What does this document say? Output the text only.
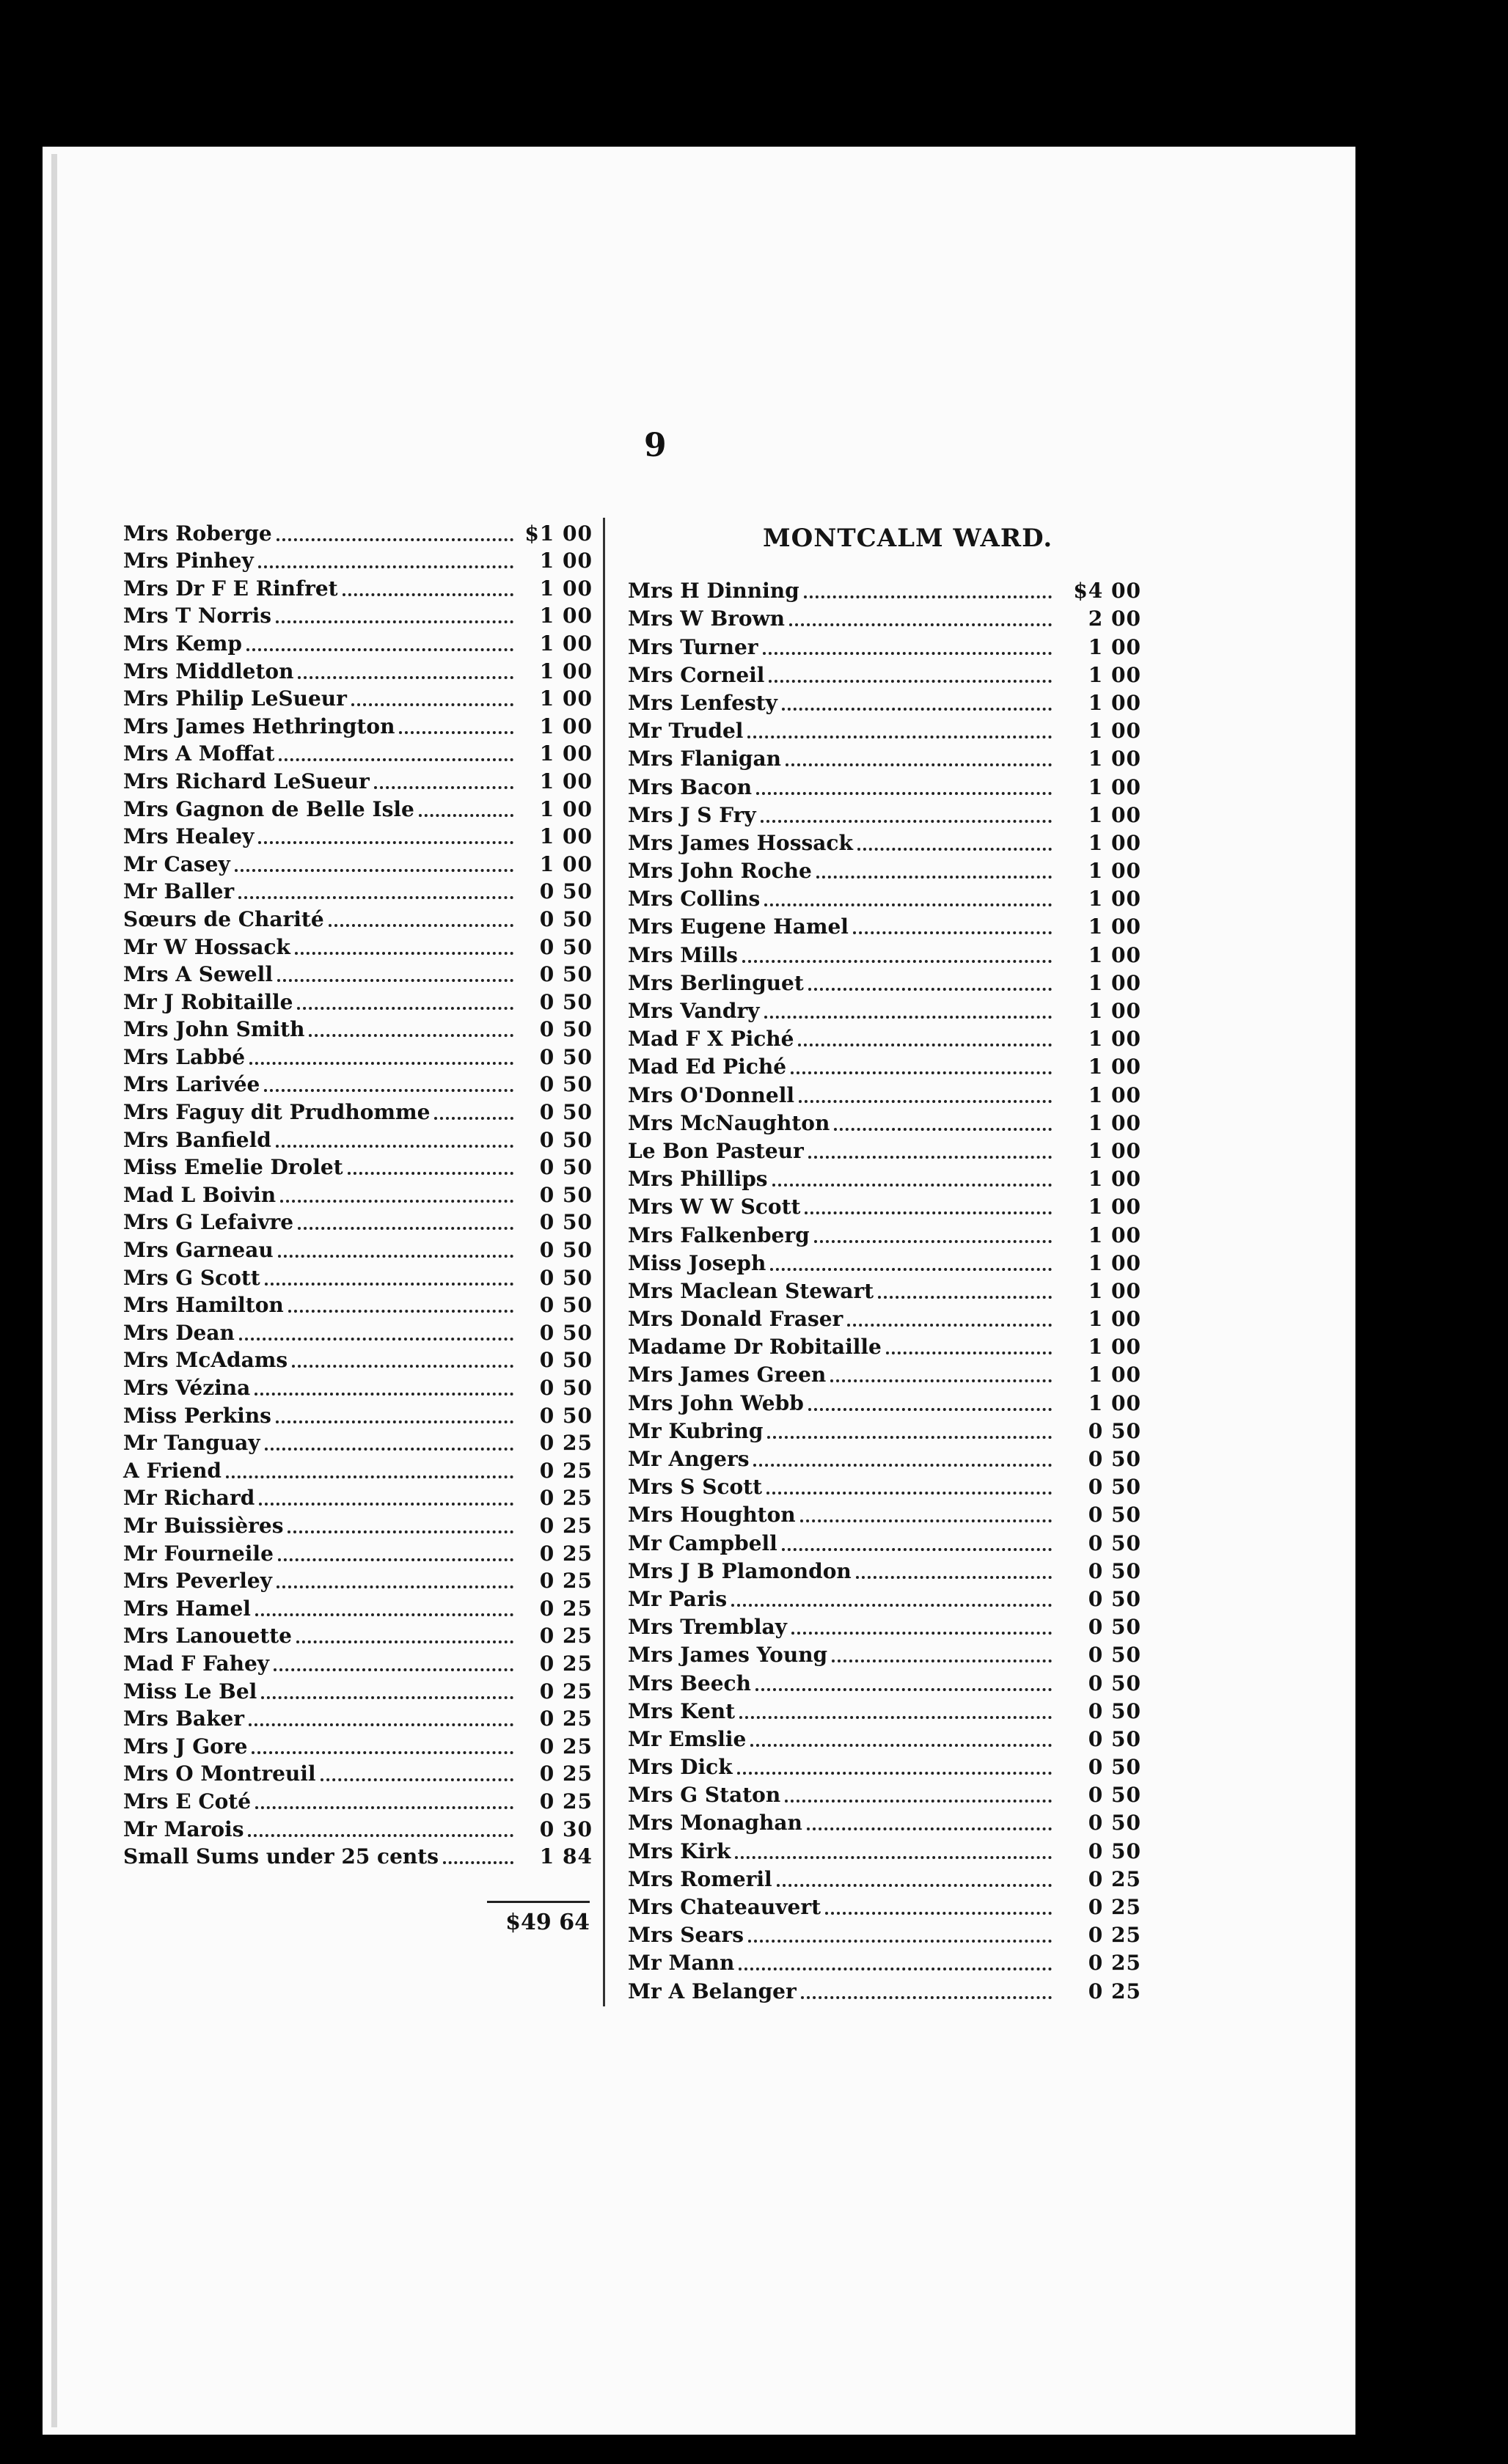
9
Mrs Roberge	$1 00
Mrs Pinhey	1 00
Mrs Dr F E Rinfret	1 00
Mrs T Norris	1 00
Mrs Kemp	1 00
Mrs Middleton	1 00
Mrs Philip LeSueur	1 00
Mrs James Hethrington	1 00
Mrs A Moffat	1 00
Mrs Richard LeSueur	1 00
Mrs Gagnon de Belle Isle	1 00
Mrs Healey	1 00
Mr Casey	1 00
Mr Baller	0 50
Sœurs de Charité	0 50
Mr W Hossack	0 50
Mrs A Sewell	0 50
Mr J Robitaille	0 50
Mrs John Smith	0 50
Mrs Labbé	0 50
Mrs Larivée	0 50
Mrs Faguy dit Prudhomme	0 50
Mrs Banfield	0 50
Miss Emelie Drolet	0 50
Mad L Boivin	0 50
Mrs G Lefaivre	0 50
Mrs Garneau	0 50
Mrs G Scott	0 50
Mrs Hamilton	0 50
Mrs Dean	0 50
Mrs McAdams	0 50
Mrs Vézina	0 50
Miss Perkins	0 50
Mr Tanguay	0 25
A Friend	0 25
Mr Richard	0 25
Mr Buissières	0 25
Mr Fourneile	0 25
Mrs Peverley	0 25
Mrs Hamel	0 25
Mrs Lanouette	0 25
Mad F Fahey	0 25
Miss Le Bel	0 25
Mrs Baker	0 25
Mrs J Gore	0 25
Mrs O Montreuil	0 25
Mrs E Coté	0 25
Mr Marois	0 30
Small Sums under 25 cents	1 84
MONTCALM WARD.
Mrs H Dinning	$4 00
Mrs W Brown	2 00
Mrs Turner	1 00
Mrs Corneil	1 00
Mrs Lenfesty	1 00
Mr Trudel	1 00
Mrs Flanigan	1 00
Mrs Bacon	1 00
Mrs J S Fry	1 00
Mrs James Hossack	1 00
Mrs John Roche	1 00
Mrs Collins	1 00
Mrs Eugene Hamel	1 00
Mrs Mills	1 00
Mrs Berlinguet	1 00
Mrs Vandry	1 00
Mad F X Piché	1 00
Mad Ed Piché	1 00
Mrs O'Donnell	1 00
Mrs McNaughton	1 00
Le Bon Pasteur	1 00
Mrs Phillips	1 00
Mrs W W Scott	1 00
Mrs Falkenberg	1 00
Miss Joseph	1 00
Mrs Maclean Stewart	1 00
Mrs Donald Fraser	1 00
Madame Dr Robitaille	1 00
Mrs James Green	1 00
Mrs John Webb	1 00
Mr Kubring	0 50
Mr Angers	0 50
Mrs S Scott	0 50
Mrs Houghton	0 50
Mr Campbell	0 50
Mrs J B Plamondon	0 50
Mr Paris	0 50
Mrs Tremblay	0 50
Mrs James Young	0 50
Mrs Beech	0 50
Mrs Kent	0 50
Mr Emslie	0 50
Mrs Dick	0 50
Mrs G Staton	0 50
Mrs Monaghan	0 50
Mrs Kirk	0 50
Mrs Romeril	0 25
Mrs Chateauvert	0 25
Mrs Sears	0 25
Mr Mann	0 25
Mr A Belanger	0 25
$49 64
